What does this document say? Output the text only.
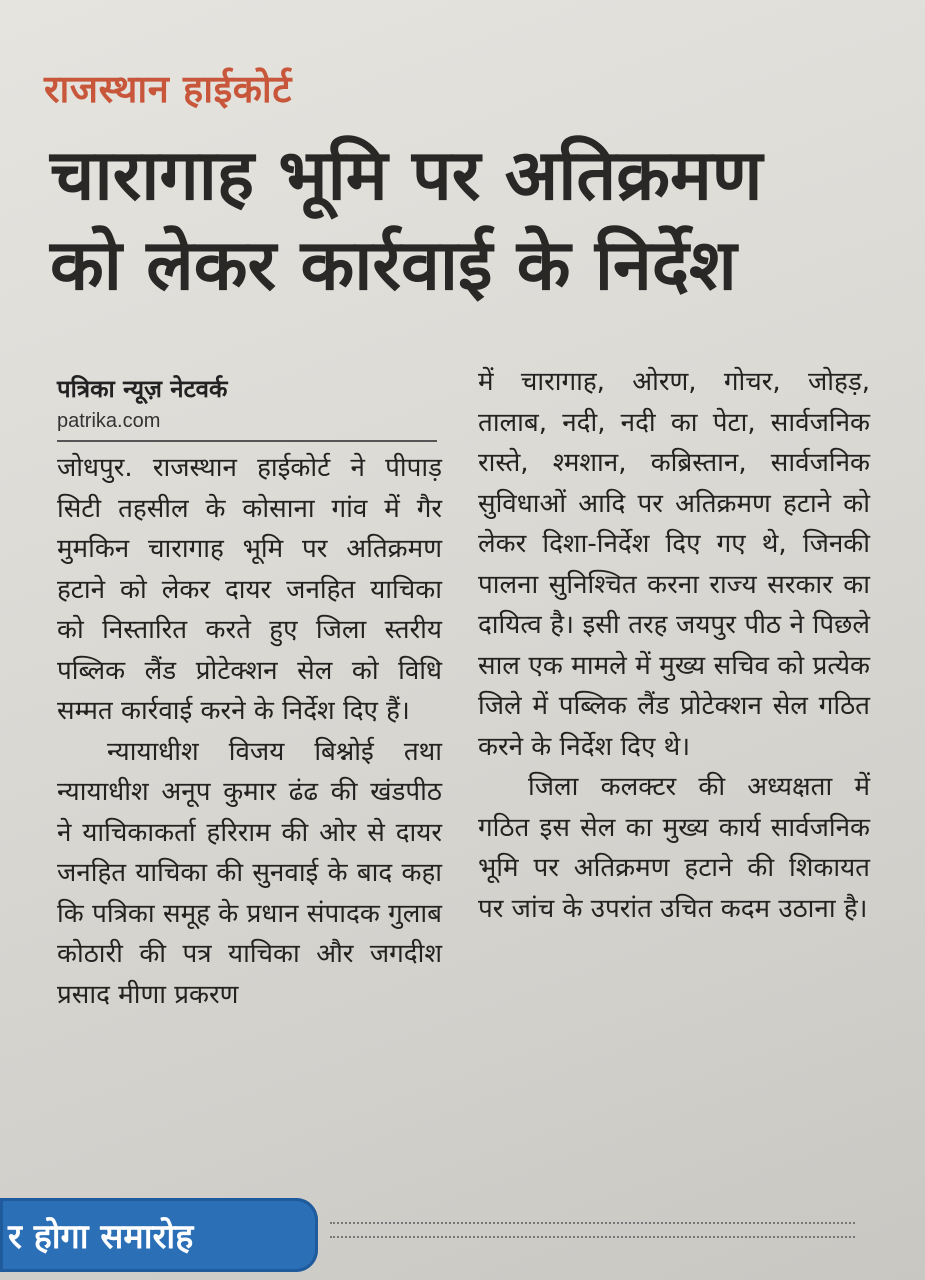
राजस्थान हाईकोर्ट
चारागाह भूमि पर अतिक्रमण को लेकर कार्रवाई के निर्देश
पत्रिका न्यूज़ नेटवर्क
patrika.com

जोधपुर. राजस्थान हाईकोर्ट ने पीपाड़ सिटी तहसील के कोसाना गांव में गैर मुमकिन चारागाह भूमि पर अतिक्रमण हटाने को लेकर दायर जनहित याचिका को निस्तारित करते हुए जिला स्तरीय पब्लिक लैंड प्रोटेक्शन सेल को विधि सम्मत कार्रवाई करने के निर्देश दिए हैं।

न्यायाधीश विजय बिश्नोई तथा न्यायाधीश अनूप कुमार ढंढ की खंडपीठ ने याचिकाकर्ता हरिराम की ओर से दायर जनहित याचिका की सुनवाई के बाद कहा कि पत्रिका समूह के प्रधान संपादक गुलाब कोठारी की पत्र याचिका और जगदीश प्रसाद मीणा प्रकरण

में चारागाह, ओरण, गोचर, जोहड़, तालाब, नदी, नदी का पेटा, सार्वजनिक रास्ते, श्मशान, कब्रिस्तान, सार्वजनिक सुविधाओं आदि पर अतिक्रमण हटाने को लेकर दिशा-निर्देश दिए गए थे, जिनकी पालना सुनिश्चित करना राज्य सरकार का दायित्व है। इसी तरह जयपुर पीठ ने पिछले साल एक मामले में मुख्य सचिव को प्रत्येक जिले में पब्लिक लैंड प्रोटेक्शन सेल गठित करने के निर्देश दिए थे।

जिला कलक्टर की अध्यक्षता में गठित इस सेल का मुख्य कार्य सार्वजनिक भूमि पर अतिक्रमण हटाने की शिकायत पर जांच के उपरांत उचित कदम उठाना है।

र होगा समारोह
